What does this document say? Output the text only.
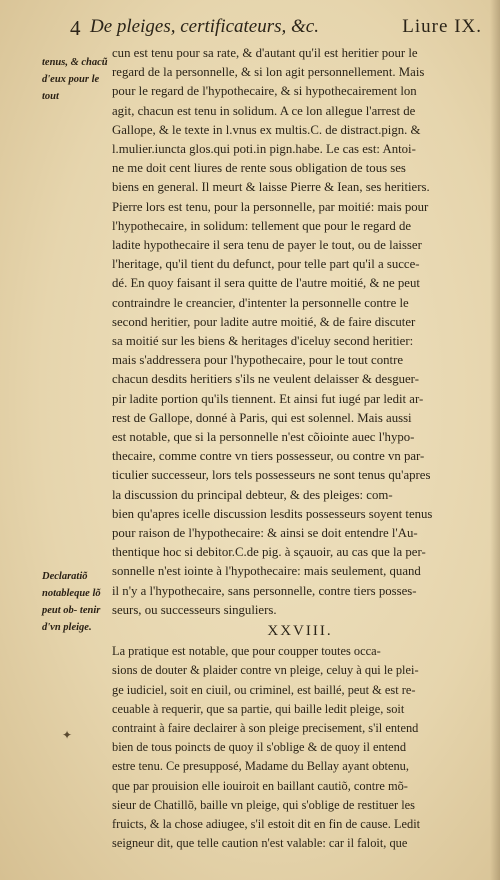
4 De pleiges, certificateurs, &c.	Liure IX.
tenus, & chacũ d'eux pour le tout
Declaratiõ notableque lõ peut ob- tenir d'vn pleige.
✦
cun est tenu pour sa rate, & d'autant qu'il est heritier pour le
regard de la personnelle, & si lon agit personnellement. Mais
pour le regard de l'hypothecaire, & si hypothecairement lon
agit, chacun est tenu in solidum. A ce lon allegue l'arrest de
Gallope, & le texte in l.vnus ex multis.C. de distract.pign. &
l.mulier.iuncta glos.qui poti.in pign.habe. Le cas est: Antoi-
ne me doit cent liures de rente sous obligation de tous ses
biens en general. Il meurt & laisse Pierre & Iean, ses heritiers.
Pierre lors est tenu, pour la personnelle, par moitié: mais pour
l'hypothecaire, in solidum: tellement que pour le regard de
ladite hypothecaire il sera tenu de payer le tout, ou de laisser
l'heritage, qu'il tient du defunct, pour telle part qu'il a succe-
dé. En quoy faisant il sera quitte de l'autre moitié, & ne peut
contraindre le creancier, d'intenter la personnelle contre le
second heritier, pour ladite autre moitié, & de faire discuter
sa moitié sur les biens & heritages d'iceluy second heritier:
mais s'addressera pour l'hypothecaire, pour le tout contre
chacun desdits heritiers s'ils ne veulent delaisser & desguer-
pir ladite portion qu'ils tiennent. Et ainsi fut iugé par ledit ar-
rest de Gallope, donné à Paris, qui est solennel. Mais aussi
est notable, que si la personnelle n'est cõiointe auec l'hypo-
thecaire, comme contre vn tiers possesseur, ou contre vn par-
ticulier successeur, lors tels possesseurs ne sont tenus qu'apres
la discussion du principal debteur, & des pleiges: com-
bien qu'apres icelle discussion lesdits possesseurs soyent tenus
pour raison de l'hypothecaire: & ainsi se doit entendre l'Au-
thentique hoc si debitor.C.de pig. à sçauoir, au cas que la per-
sonnelle n'est iointe à l'hypothecaire: mais seulement, quand
il n'y a l'hypothecaire, sans personnelle, contre tiers posses-
seurs, ou successeurs singuliers.
XXVIII.
La pratique est notable, que pour coupper toutes occa-
sions de douter & plaider contre vn pleige, celuy à qui le plei-
ge iudiciel, soit en ciuil, ou criminel, est baillé, peut & est re-
ceuable à requerir, que sa partie, qui baille ledit pleige, soit
contraint à faire declairer à son pleige precisement, s'il entend
bien de tous poincts de quoy il s'oblige & de quoy il entend
estre tenu. Ce presupposé, Madame du Bellay ayant obtenu,
que par prouision elle iouiroit en baillant cautiõ, contre mõ-
sieur de Chatillõ, baille vn pleige, qui s'oblige de restituer les
fruicts, & la chose adiugee, s'il estoit dit en fin de cause. Ledit
seigneur dit, que telle caution n'est valable: car il faloit, que
